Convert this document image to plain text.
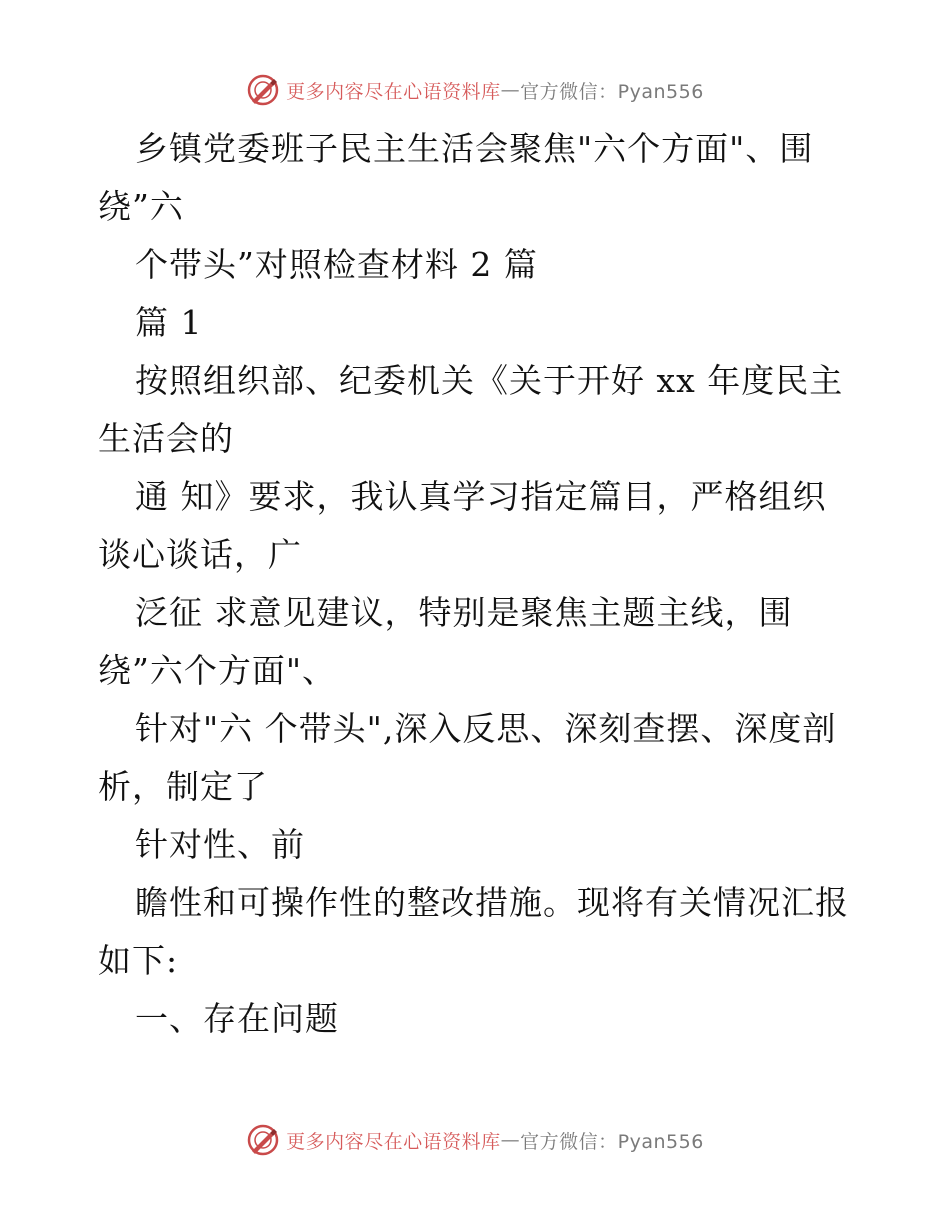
更多内容尽在心语资料库 — 官方微信：Pyan556
乡镇党委班子民主生活会聚焦"六个方面"、围
绕”六
个带头”对照检查材料 2 篇
篇 1
按照组织部、纪委机关《关于开好 xx 年度民主
生活会的
通 知》要求，我认真学习指定篇目，严格组织
谈心谈话，广
泛征 求意见建议，特别是聚焦主题主线，围
绕”六个方面"、
针对"六 个带头",深入反思、深刻查摆、深度剖
析，制定了
针对性、前
瞻性和可操作性的整改措施。现将有关情况汇报
如下:
一、存在问题
更多内容尽在心语资料库 — 官方微信：Pyan556
